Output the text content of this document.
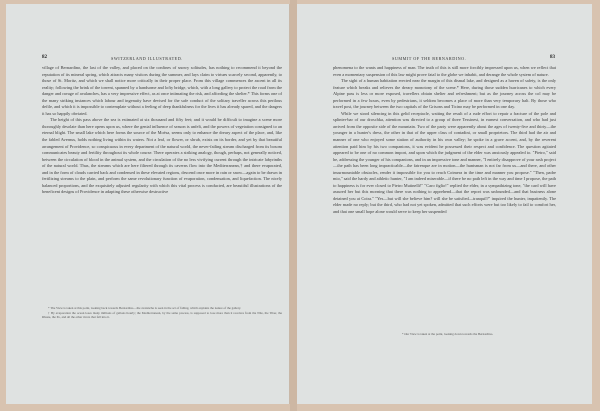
82	SWITZERLAND ILLUSTRATED.

village of Bernardino, the last of the valley, and placed on the confines of snowy solitudes, has nothing to recommend it beyond the reputation of its mineral spring, which attracts many visitors during the summer, and lays claim to virtues scarcely second, apparently, to those of St. Moritz, and which we shall notice more critically in their proper place. From this village commences the ascent in all its reality; following the brink of the torrent, spanned by a handsome and lofty bridge, which, with a long gallery to protect the road from the danger and ravage of avalanches, has a very impressive effect, as at once intimating the risk, and affording the shelter.* This forms one of the many striking instances which labour and ingenuity have devised for the safe conduct of the solitary traveller across this perilous defile, and which it is impossible to contemplate without a feeling of deep thankfulness for the lives it has already spared, and the dangers it has so happily obviated.

The height of this pass above the sea is estimated at six thousand and fifty feet; and it would be difficult to imagine a scene more thoroughly desolate than here opens upon us, where the genial influence of season is unfelt, and the powers of vegetation consigned to an eternal blight. The small lake which here forms the source of the Moësa, seems only to enhance the dreary aspect of the place, and, like the fabled Avernus, holds nothing living within its waters. Not a leaf, or flower, or shrub, exists on its border, and yet by that beautiful arrangement of Providence, so conspicuous in every department of the natural world, the never-failing stream discharged from its bosom communicates beauty and fertility throughout its whole course. There operates a striking analogy, though, perhaps, not generally noticed, between the circulation of blood in the animal system, and the circulation of the no less vivifying current through the intricate labyrinths of the natural world. Thus, the streams which are here filtered through its caverns flow into the Mediterranean,† and there evaporated, and in the form of clouds carried back and condensed in these elevated regions, descend once more in rain or snow—again to be drawn in fertilizing streams to the plain, and perform the same revolutionary function of evaporation, condensation, and liquefaction. The nicely balanced proportions, and the exquisitely adjusted regularity with which this vital process is conducted, are beautiful illustrations of the beneficent designs of Providence in adapting these otherwise destructive

* The View is taken at this point, looking back towards Bernardino—the avalanche is seen in the act of falling, which explains the nature of the gallery.

† By evaporation the ocean loses many millions of gallons hourly; the Mediterranean, by the same process, is supposed to lose more than it receives from the Nile, the Tiber, the Rhone, the Po, and all the other rivers that fall into it.

SUMMIT OF THE BERNARDINO.	83

phenomena to the wants and happiness of man. The truth of this is still more forcibly impressed upon us, when we reflect that even a momentary suspension of this law might prove fatal to the globe we inhabit, and derange the whole system of nature.

The sight of a human habitation erected near the margin of this dismal lake, and designed as a haven of safety, is the only feature which breaks and relieves the dreary monotony of the scene.* Here, during those sudden hurricanes to which every Alpine pass is less or more exposed, travellers obtain shelter and refreshment; but as the journey across the col may be performed in a few hours, even by pedestrians, it seldom becomes a place of more than very temporary halt. By those who travel post, the journey between the two capitals of the Grisons and Ticino may be performed in one day.

While we stood silencing in this gelid receptacle, waiting the result of a rude effort to repair a fracture of the pole and splinter-bar of our droschka, attention was directed to a group of three Tessinesi, in earnest conversation, and who had just arrived from the opposite side of the mountain. Two of the party were apparently about the ages of twenty-five and thirty—the younger in a hunter's dress, the other in that of the upper class of contadini, or small proprietors. The third had the air and manner of one who enjoyed some station of authority in his own valley; he spoke in a grave accent, and, by the reverent attention paid him by his two companions, it was evident he possessed their respect and confidence. The question agitated appeared to be one of no common import, and upon which the judgment of the elder was anxiously appealed to. "Pietro," said he, addressing the younger of his companions, and in an impressive tone and manner, "I entirely disapprove of your rash project—the path has been long impracticable—the fatrenque are in motion—the huntsman is not far from us—and there, and other insurmountable obstacles, render it impossible for you to reach Coimera in the time and manner you propose." "Then, padre mio," said the hardy and athletic hunter, "I am indeed miserable—if there be no path left in the way and time I propose, the path to happiness is for ever closed to Pietro Mutinelli!" "Caro figlio!" replied the elder, in a sympathizing tone, "the card will have assured her but this morning that there was nothing to apprehend—that the report was unfounded—and that business alone detained you at Coira." "Yes—but will she believe him? will she be satisfied—tranquil?" inquired the hunter, impatiently. The elder made no reply; but the third, who had not yet spoken, admitted that such efforts were but too likely to fail to comfort her, and that one small hope alone would serve to keep her suspended

* Our View is taken at the point, looking down towards the Bernardino.
